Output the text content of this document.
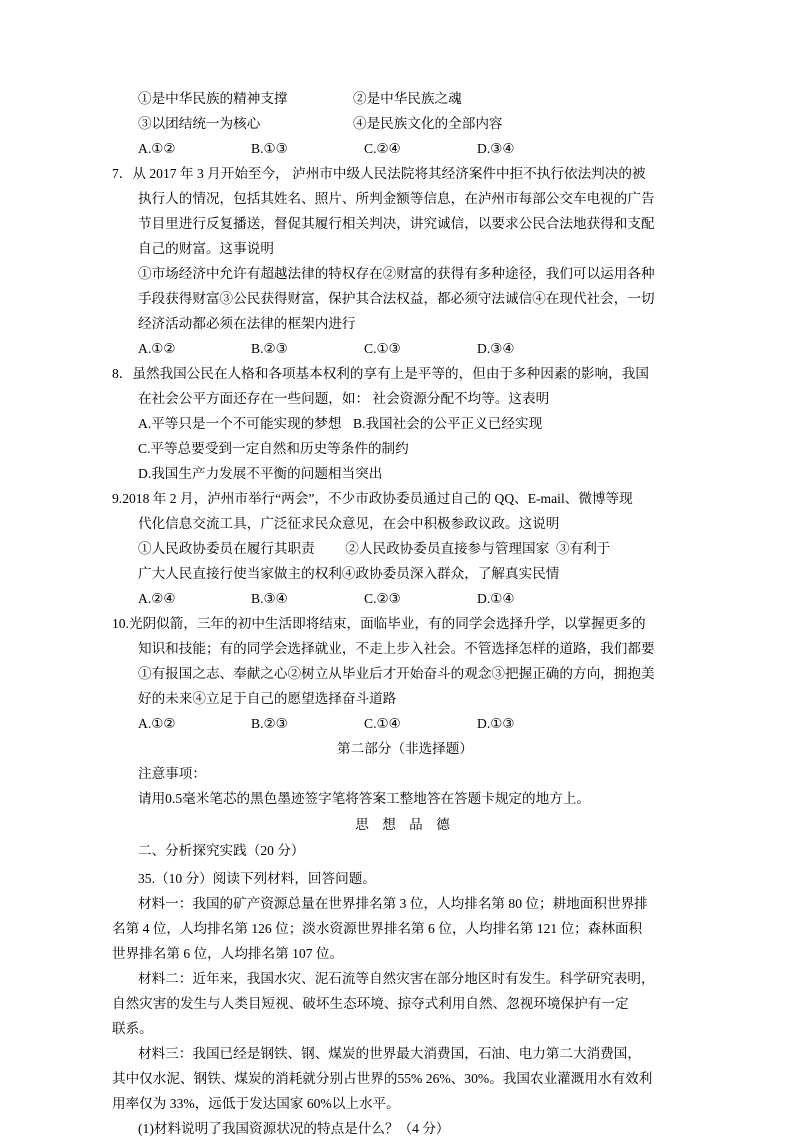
①是中华民族的精神支撑	②是中华民族之魂
③以团结统一为核心	④是民族文化的全部内容
A.①②	B.①③	C.②④	D.③④
7．从 2017 年 3 月开始至今， 泸州市中级人民法院将其经济案件中拒不执行依法判决的被
执行人的情况，包括其姓名、照片、所判金额等信息，在泸州市每部公交车电视的广告
节目里进行反复播送，督促其履行相关判决，讲究诚信，以要求公民合法地获得和支配
自己的财富。这事说明
①市场经济中允许有超越法律的特权存在②财富的获得有多种途径，我们可以运用各种
手段获得财富③公民获得财富，保护其合法权益，都必须守法诚信④在现代社会，一切
经济活动都必须在法律的框架内进行
A.①②	B.②③	C.①③	D.③④
8．虽然我国公民在人格和各项基本权利的享有上是平等的，但由于多种因素的影响，我国
在社会公平方面还存在一些问题，如： 社会资源分配不均等。这表明
A.平等只是一个不可能实现的梦想 B.我国社会的公平正义已经实现
C.平等总要受到一定自然和历史等条件的制约
D.我国生产力发展不平衡的问题相当突出
9.2018 年 2 月，泸州市举行“两会”，不少市政协委员通过自己的 QQ、E-mail、微博等现
代化信息交流工具，广泛征求民众意见，在会中积极参政议政。这说明
①人民政协委员在履行其职责         ②人民政协委员直接参与管理国家  ③有利于
广大人民直接行使当家做主的权利④政协委员深入群众，了解真实民情
A.②④	B.③④	C.②③	D.①④
10.光阴似箭，三年的初中生活即将结束，面临毕业，有的同学会选择升学，以掌握更多的
知识和技能；有的同学会选择就业，不走上步入社会。不管选择怎样的道路，我们都要
①有报国之志、奉献之心②树立从毕业后才开始奋斗的观念③把握正确的方向，拥抱美
好的未来④立足于自己的愿望选择奋斗道路
A.①②	B.②③	C.①④	D.①③
第二部分（非选择题）
注意事项：
请用0.5毫米笔芯的黑色墨迹签字笔将答案工整地答在答题卡规定的地方上。
思 想 品 德
二、分析探究实践（20 分）
35.（10 分）阅读下列材料，回答问题。
材料一：我国的矿产资源总量在世界排名第 3 位，人均排名第 80 位；耕地面积世界排
名第 4 位，人均排名第 126 位；淡水资源世界排名第 6 位，人均排名第 121 位；森林面积
世界排名第 6 位，人均排名第 107 位。
材料二：近年来，我国水灾、泥石流等自然灾害在部分地区时有发生。科学研究表明，
自然灾害的发生与人类目短视、破坏生态环境、掠夺式利用自然、忽视环境保护有一定
联系。
材料三：我国已经是钢铁、钢、煤炭的世界最大消费国，石油、电力第二大消费国，
其中仅水泥、钢铁、煤炭的消耗就分别占世界的55% 26%、30%。我国农业灌溉用水有效利
用率仅为 33%，远低于发达国家 60%以上水平。
(1)材料说明了我国资源状况的特点是什么？（4 分）
